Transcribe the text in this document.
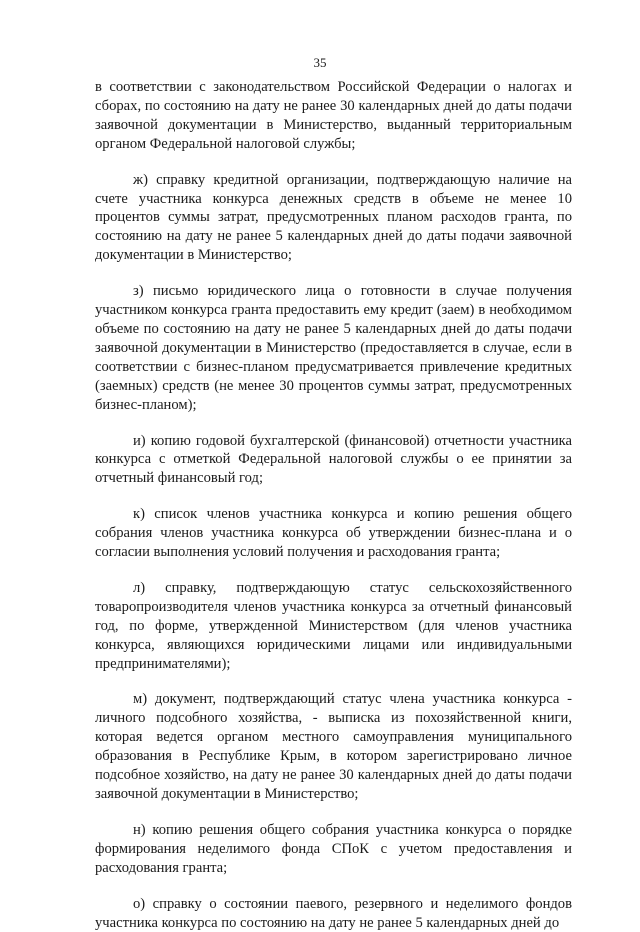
35

в соответствии с законодательством Российской Федерации о налогах и сборах, по состоянию на дату не ранее 30 календарных дней до даты подачи заявочной документации в Министерство, выданный территориальным органом Федеральной налоговой службы;

ж) справку кредитной организации, подтверждающую наличие на счете участника конкурса денежных средств в объеме не менее 10 процентов суммы затрат, предусмотренных планом расходов гранта, по состоянию на дату не ранее 5 календарных дней до даты подачи заявочной документации в Министерство;

з) письмо юридического лица о готовности в случае получения участником конкурса гранта предоставить ему кредит (заем) в необходимом объеме по состоянию на дату не ранее 5 календарных дней до даты подачи заявочной документации в Министерство (предоставляется в случае, если в соответствии с бизнес-планом предусматривается привлечение кредитных (заемных) средств (не менее 30 процентов суммы затрат, предусмотренных бизнес-планом);

и) копию годовой бухгалтерской (финансовой) отчетности участника конкурса с отметкой Федеральной налоговой службы о ее принятии за отчетный финансовый год;

к) список членов участника конкурса и копию решения общего собрания членов участника конкурса об утверждении бизнес-плана и о согласии выполнения условий получения и расходования гранта;

л) справку, подтверждающую статус сельскохозяйственного товаропроизводителя членов участника конкурса за отчетный финансовый год, по форме, утвержденной Министерством (для членов участника конкурса, являющихся юридическими лицами или индивидуальными предпринимателями);

м) документ, подтверждающий статус члена участника конкурса - личного подсобного хозяйства, - выписка из похозяйственной книги, которая ведется органом местного самоуправления муниципального образования в Республике Крым, в котором зарегистрировано личное подсобное хозяйство, на дату не ранее 30 календарных дней до даты подачи заявочной документации в Министерство;

н) копию решения общего собрания участника конкурса о порядке формирования неделимого фонда СПоК с учетом предоставления и расходования гранта;

о) справку о состоянии паевого, резервного и неделимого фондов участника конкурса по состоянию на дату не ранее 5 календарных дней до
